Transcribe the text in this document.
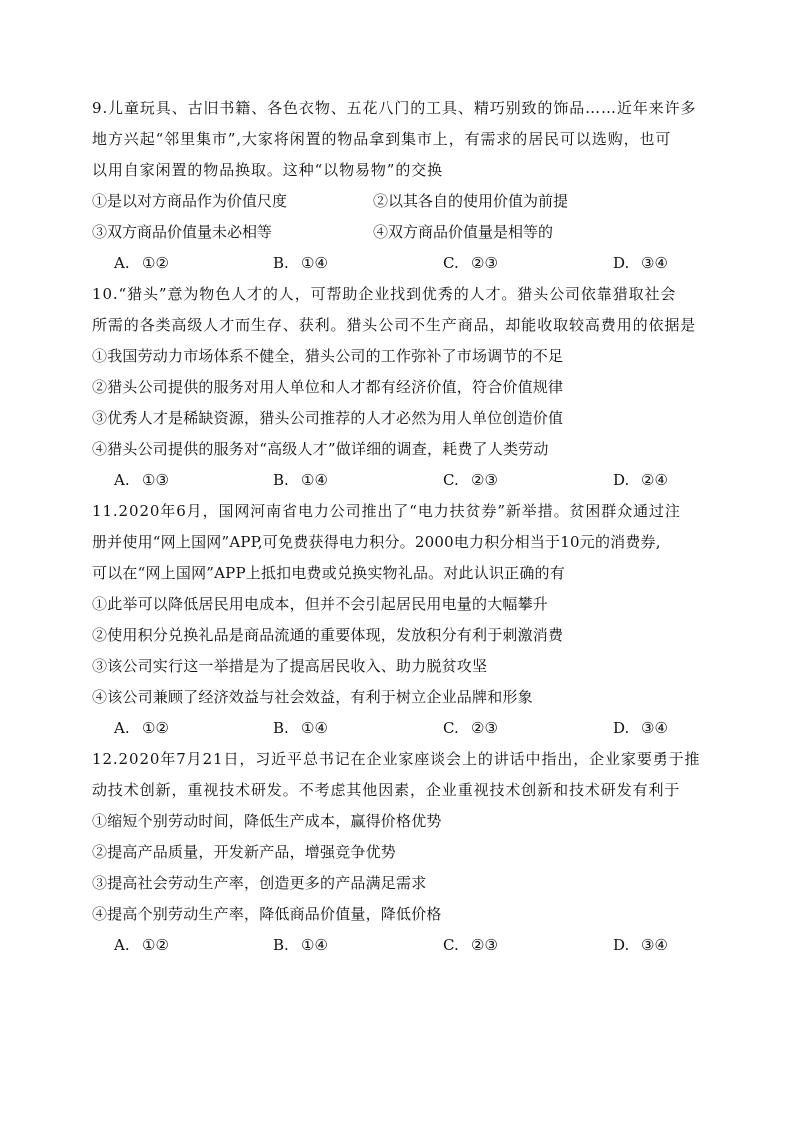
9.儿童玩具、古旧书籍、各色衣物、五花八门的工具、精巧别致的饰品……近年来许多
地方兴起“邻里集市”,大家将闲置的物品拿到集市上，有需求的居民可以选购，也可
以用自家闲置的物品换取。这种“以物易物”的交换
①是以对方商品作为价值尺度	②以其各自的使用价值为前提
③双方商品价值量未必相等	④双方商品价值量是相等的
A. ①②	B. ①④	C. ②③	D. ③④
10.“猎头”意为物色人才的人，可帮助企业找到优秀的人才。猎头公司依靠猎取社会
所需的各类高级人才而生存、获利。猎头公司不生产商品，却能收取较高费用的依据是
①我国劳动力市场体系不健全，猎头公司的工作弥补了市场调节的不足
②猎头公司提供的服务对用人单位和人才都有经济价值，符合价值规律
③优秀人才是稀缺资源，猎头公司推荐的人才必然为用人单位创造价值
④猎头公司提供的服务对“高级人才”做详细的调查，耗费了人类劳动
A. ①③	B. ①④	C. ②③	D. ②④
11.2020年6月，国网河南省电力公司推出了“电力扶贫券”新举措。贫困群众通过注
册并使用“网上国网”APP,可免费获得电力积分。2000电力积分相当于10元的消费券,
可以在“网上国网”APP上抵扣电费或兑换实物礼品。对此认识正确的有
①此举可以降低居民用电成本，但并不会引起居民用电量的大幅攀升
②使用积分兑换礼品是商品流通的重要体现，发放积分有利于刺激消费
③该公司实行这一举措是为了提高居民收入、助力脱贫攻坚
④该公司兼顾了经济效益与社会效益，有利于树立企业品牌和形象
A. ①②	B. ①④	C. ②③	D. ③④
12.2020年7月21日，习近平总书记在企业家座谈会上的讲话中指出，企业家要勇于推
动技术创新，重视技术研发。不考虑其他因素，企业重视技术创新和技术研发有利于
①缩短个别劳动时间，降低生产成本，赢得价格优势
②提高产品质量，开发新产品，增强竞争优势
③提高社会劳动生产率，创造更多的产品满足需求
④提高个别劳动生产率，降低商品价值量，降低价格
A. ①②	B. ①④	C. ②③	D. ③④
